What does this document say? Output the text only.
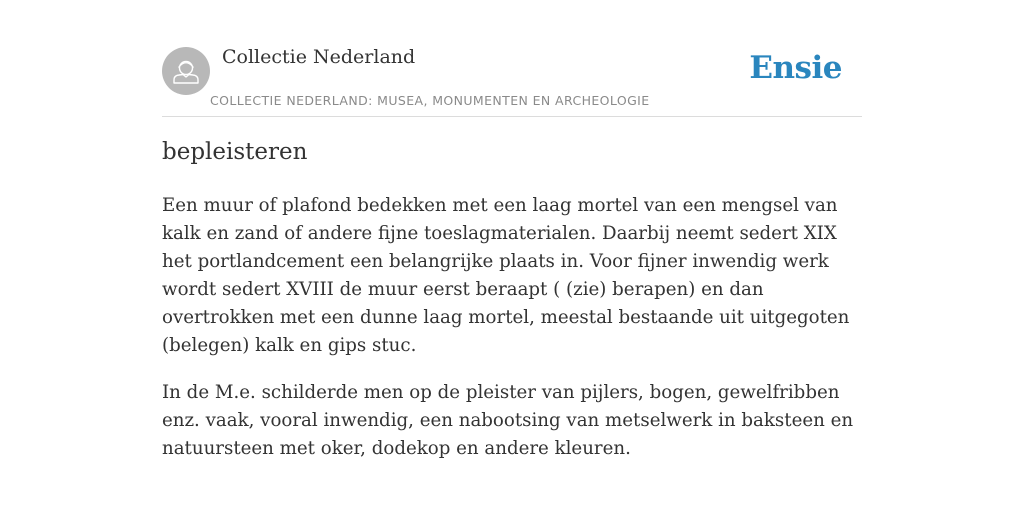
Collectie Nederland
COLLECTIE NEDERLAND: MUSEA, MONUMENTEN EN ARCHEOLOGIE
Ensie
bepleisteren

Een muur of plafond bedekken met een laag mortel van een mengsel van kalk en zand of andere fijne toeslagmaterialen. Daarbij neemt sedert XIX het portlandcement een belangrijke plaats in. Voor fijner inwendig werk wordt sedert XVIII de muur eerst beraapt ( (zie) berapen) en dan overtrokken met een dunne laag mortel, meestal bestaande uit uitgegoten (belegen) kalk en gips stuc.

In de M.e. schilderde men op de pleister van pijlers, bogen, gewelfribben enz. vaak, vooral inwendig, een nabootsing van metselwerk in baksteen en natuursteen met oker, dodekop en andere kleuren.
